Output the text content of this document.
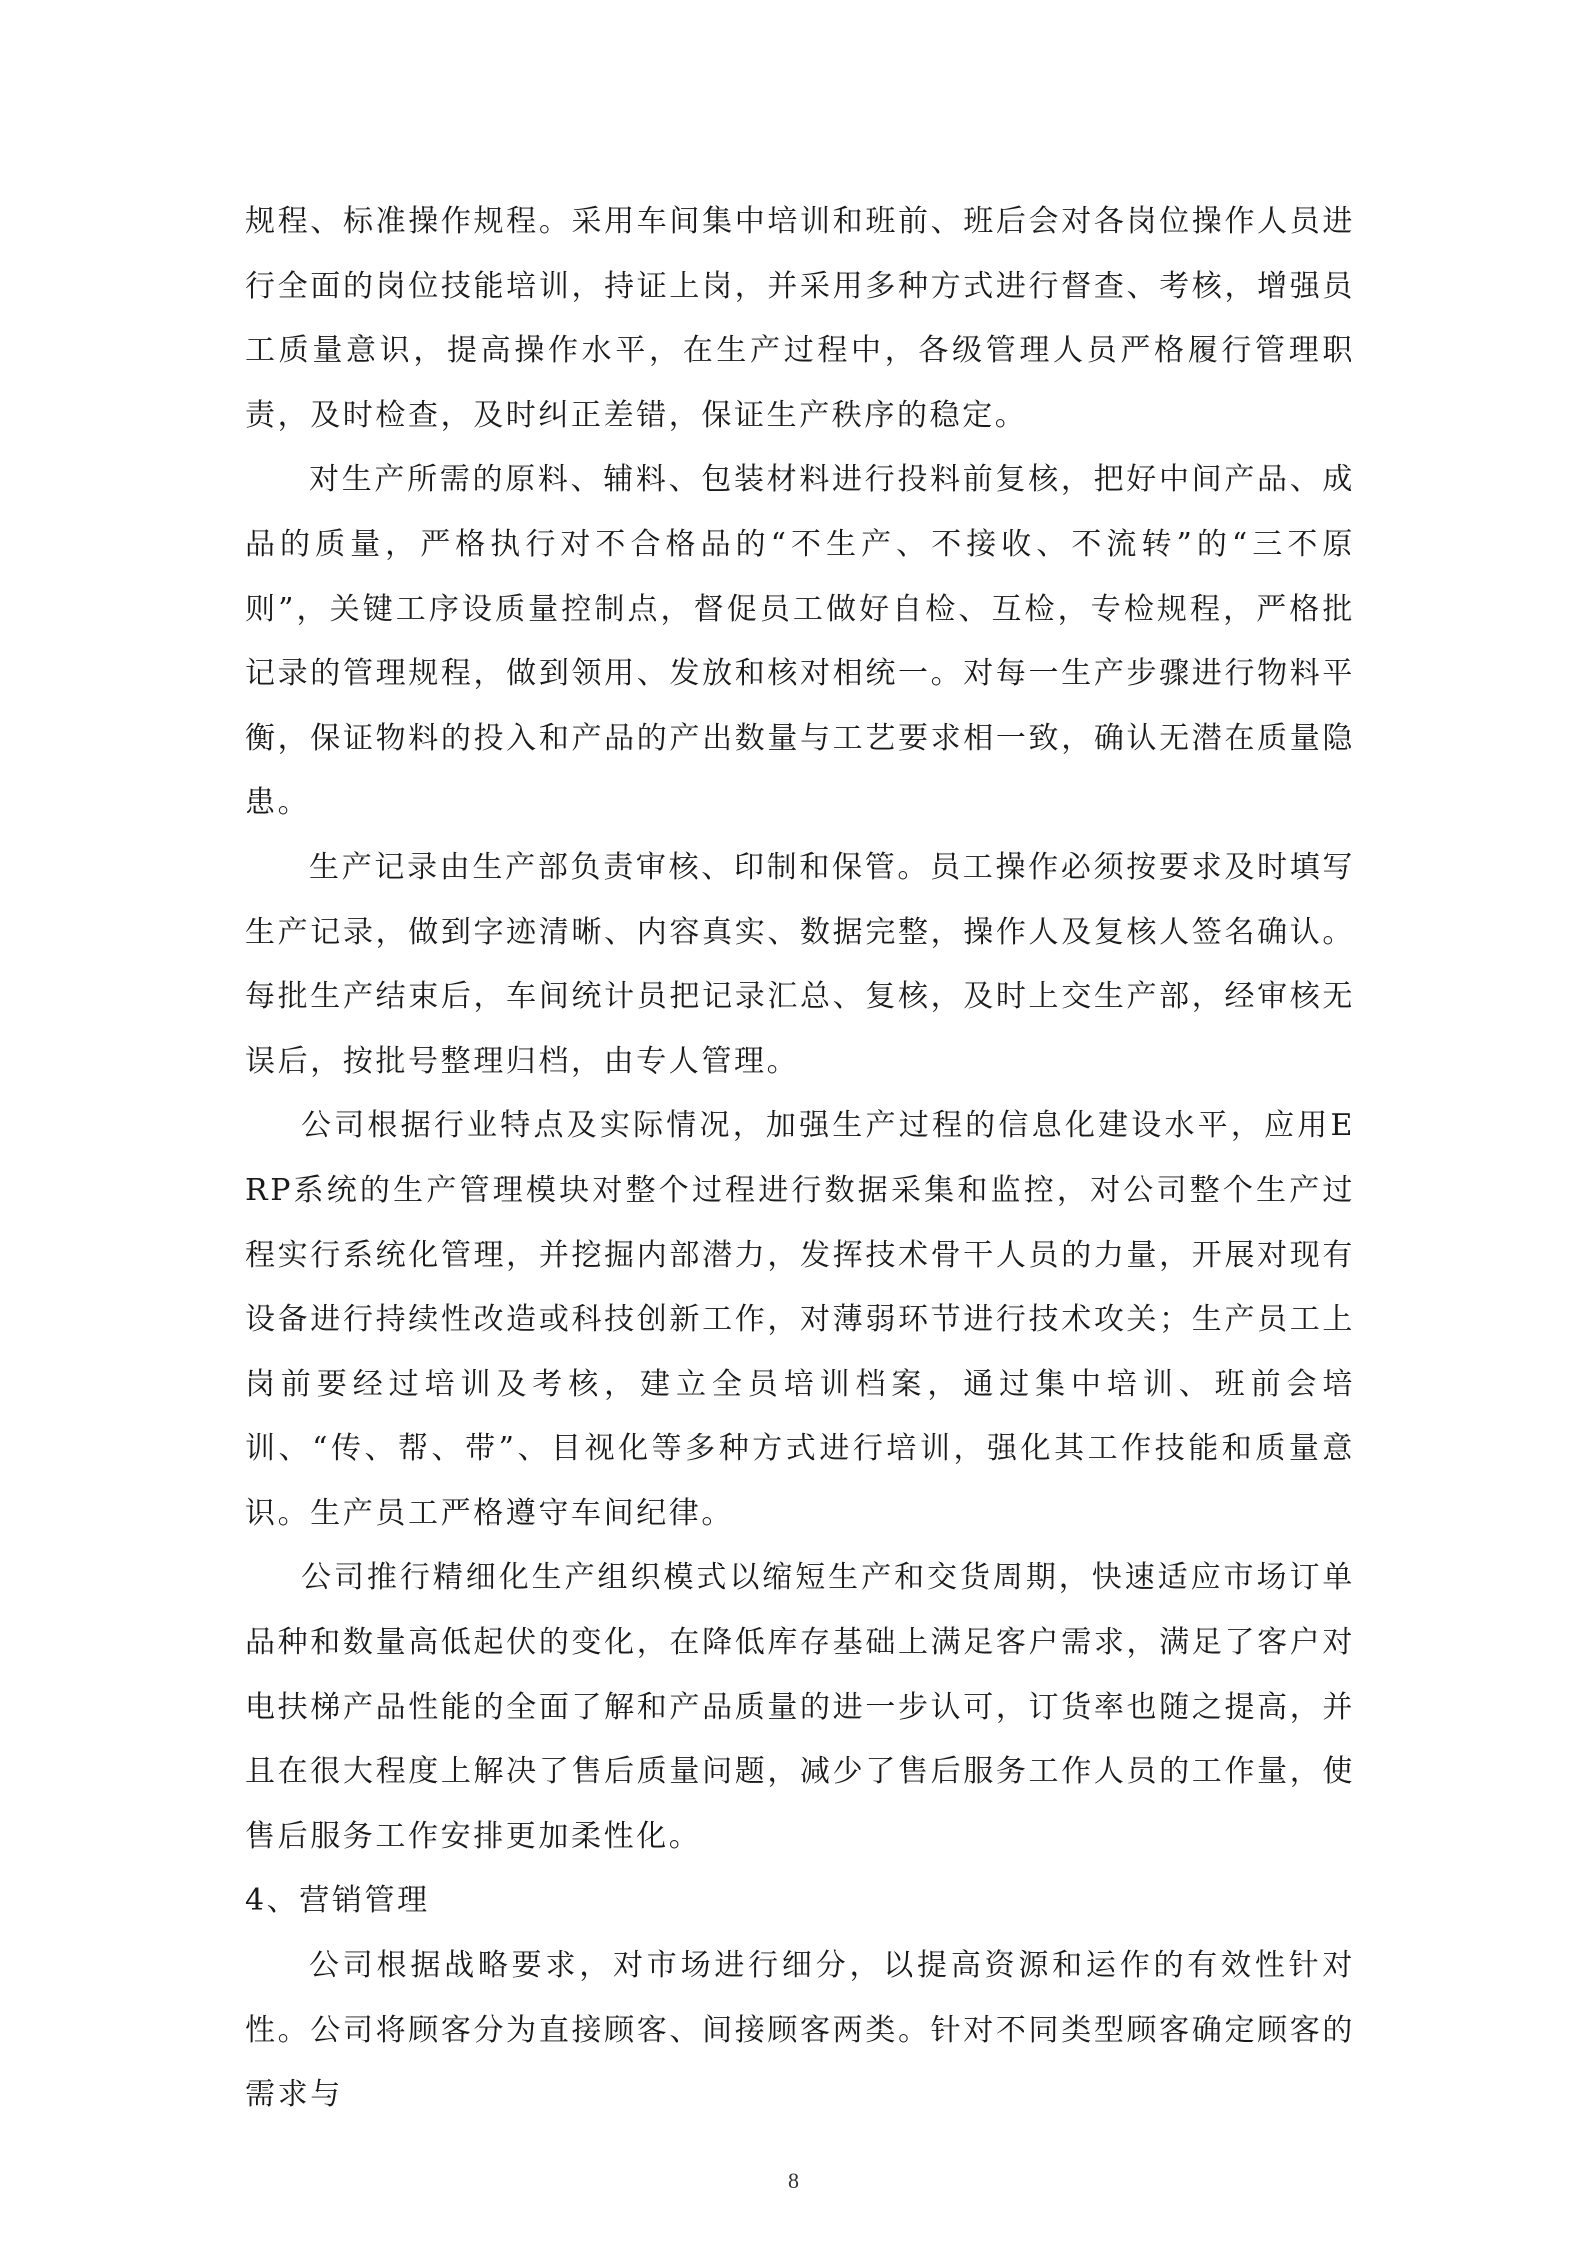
规程、标准操作规程。采用车间集中培训和班前、班后会对各岗位操作人员进行全面的岗位技能培训，持证上岗，并采用多种方式进行督查、考核，增强员工质量意识，提高操作水平，在生产过程中，各级管理人员严格履行管理职责，及时检查，及时纠正差错，保证生产秩序的稳定。

对生产所需的原料、辅料、包装材料进行投料前复核，把好中间产品、成品的质量，严格执行对不合格品的“不生产、不接收、不流转”的“三不原则”，关键工序设质量控制点，督促员工做好自检、互检，专检规程，严格批记录的管理规程，做到领用、发放和核对相统一。对每一生产步骤进行物料平衡，保证物料的投入和产品的产出数量与工艺要求相一致，确认无潜在质量隐患。

生产记录由生产部负责审核、印制和保管。员工操作必须按要求及时填写生产记录，做到字迹清晰、内容真实、数据完整，操作人及复核人签名确认。每批生产结束后，车间统计员把记录汇总、复核，及时上交生产部，经审核无误后，按批号整理归档，由专人管理。

公司根据行业特点及实际情况，加强生产过程的信息化建设水平，应用ERP系统的生产管理模块对整个过程进行数据采集和监控，对公司整个生产过程实行系统化管理，并挖掘内部潜力，发挥技术骨干人员的力量，开展对现有设备进行持续性改造或科技创新工作，对薄弱环节进行技术攻关；生产员工上岗前要经过培训及考核，建立全员培训档案，通过集中培训、班前会培训、“传、帮、带”、目视化等多种方式进行培训，强化其工作技能和质量意识。生产员工严格遵守车间纪律。

公司推行精细化生产组织模式以缩短生产和交货周期，快速适应市场订单品种和数量高低起伏的变化，在降低库存基础上满足客户需求，满足了客户对电扶梯产品性能的全面了解和产品质量的进一步认可，订货率也随之提高，并且在很大程度上解决了售后质量问题，减少了售后服务工作人员的工作量，使售后服务工作安排更加柔性化。

4、营销管理

公司根据战略要求，对市场进行细分，以提高资源和运作的有效性针对性。公司将顾客分为直接顾客、间接顾客两类。针对不同类型顾客确定顾客的需求与

8
